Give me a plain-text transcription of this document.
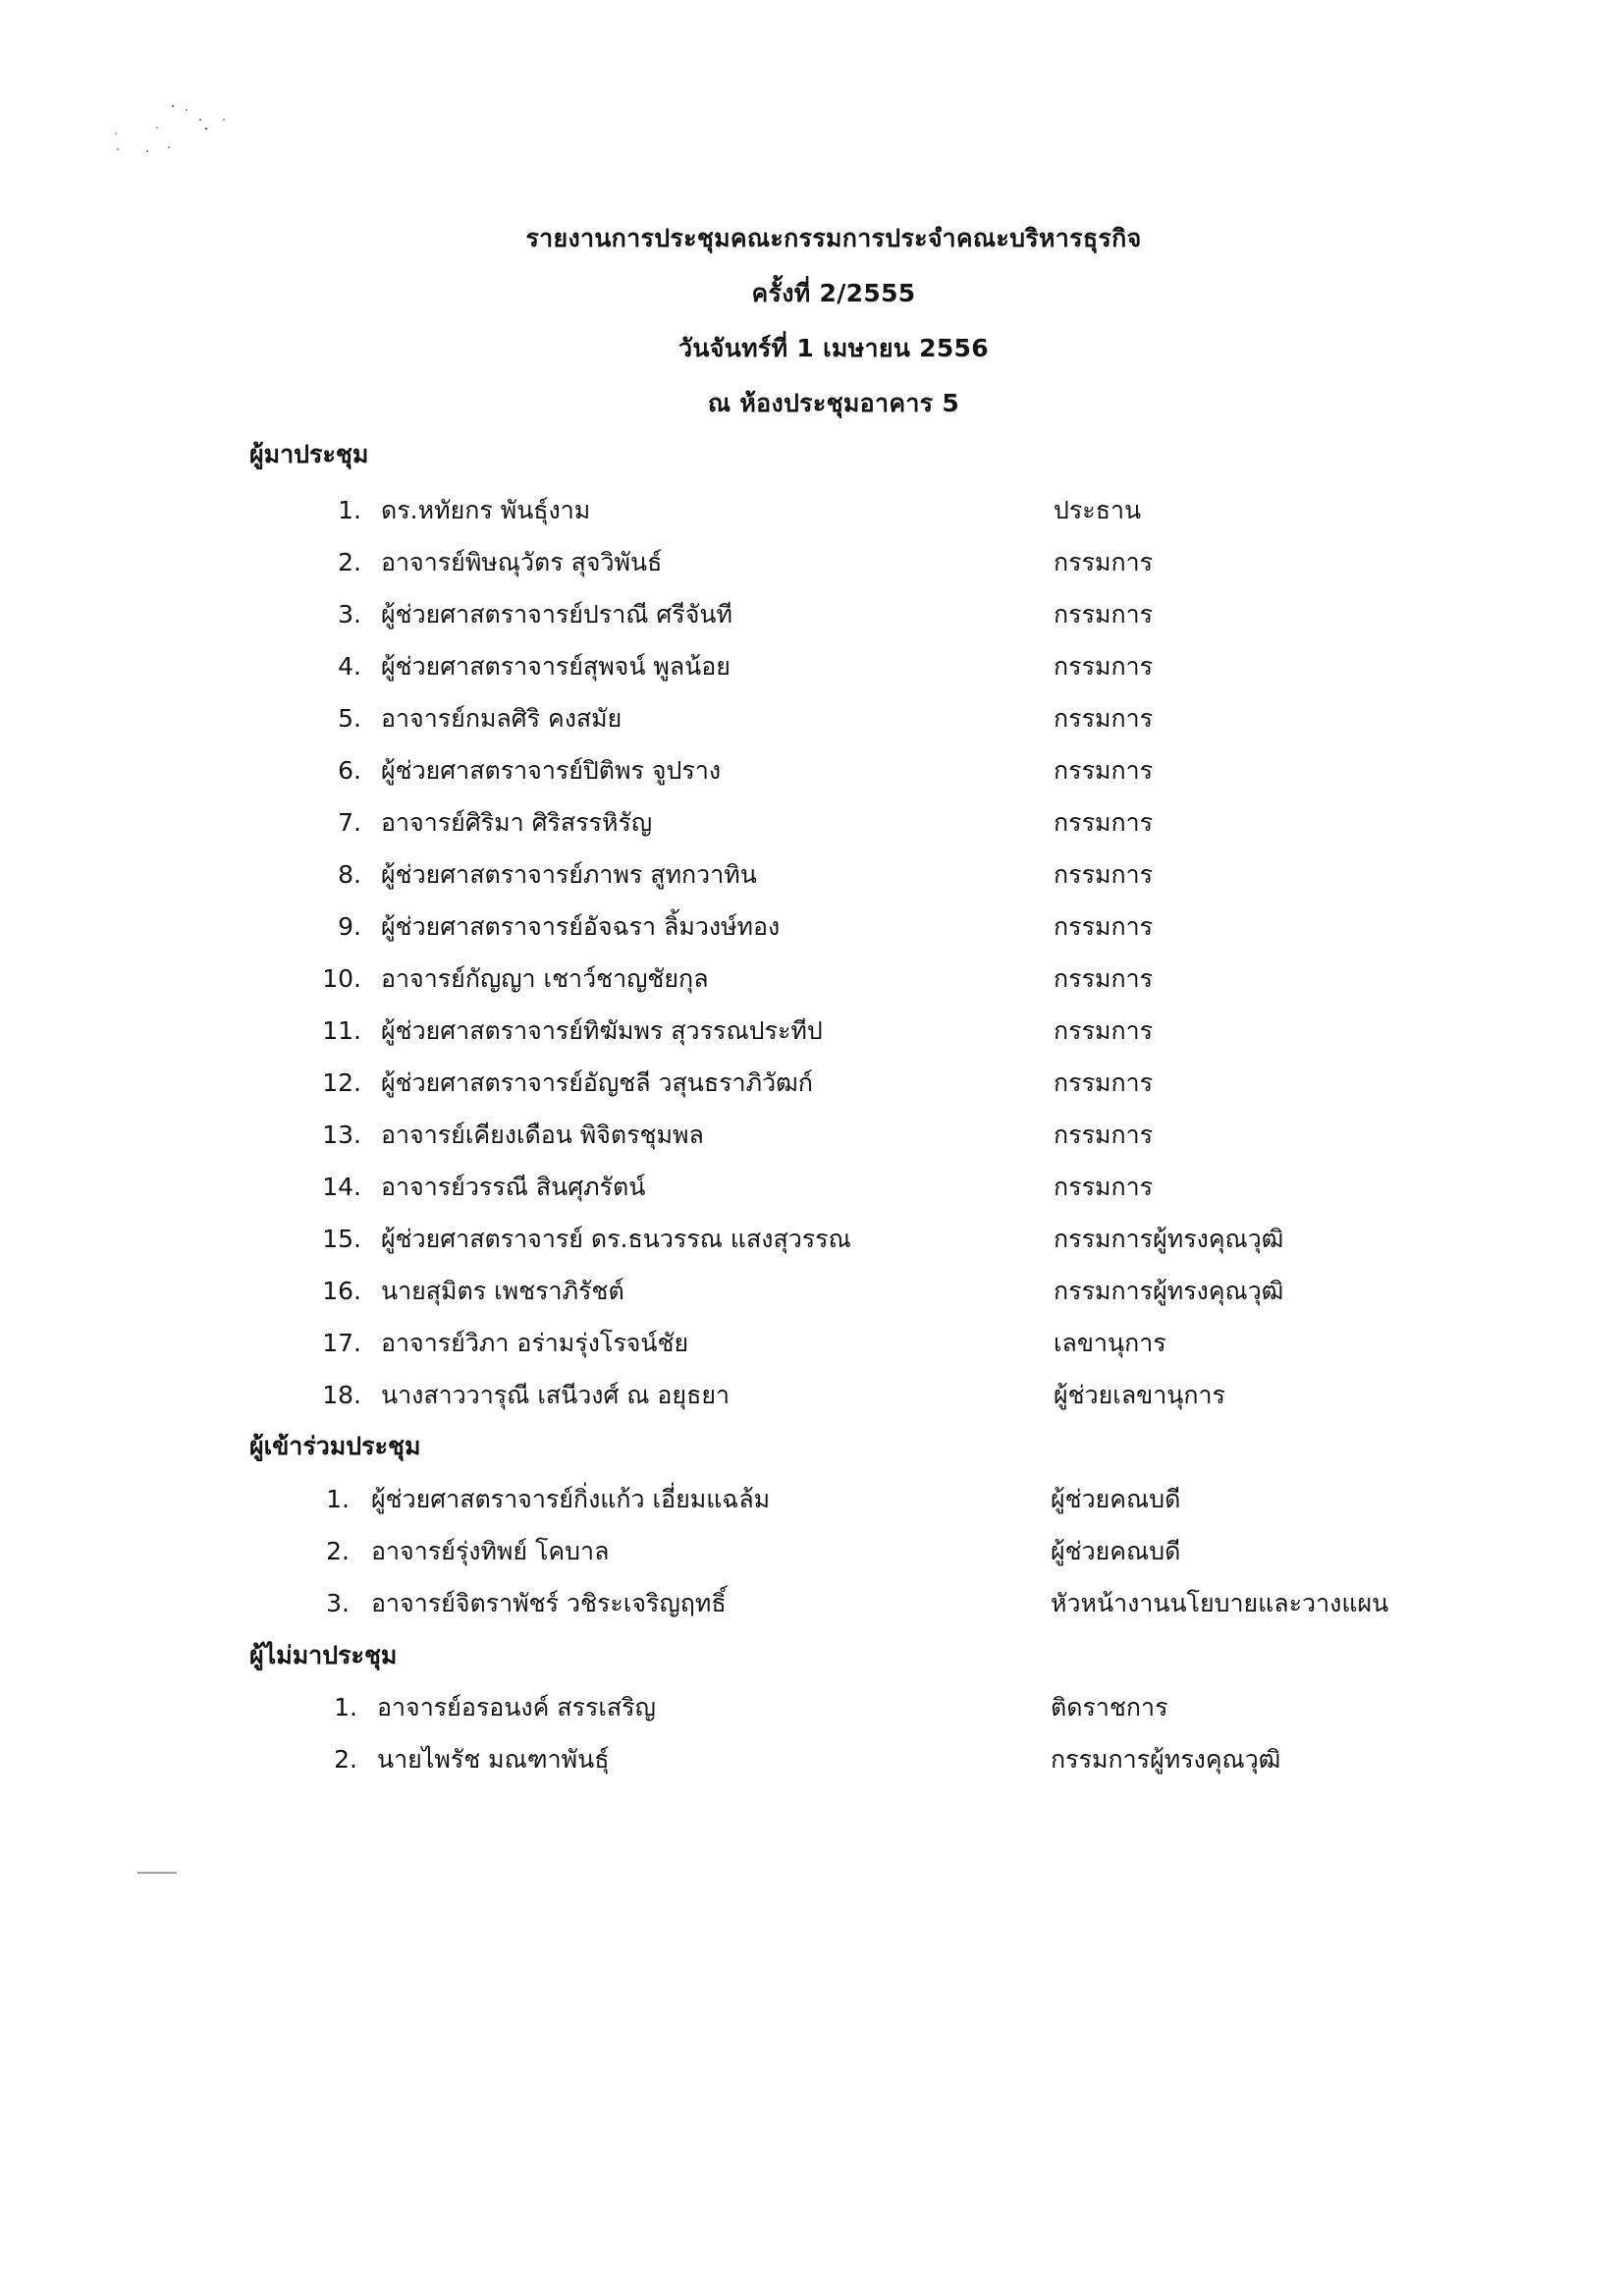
รายงานการประชุมคณะกรรมการประจำคณะบริหารธุรกิจ
ครั้งที่ 2/2555
วันจันทร์ที่ 1 เมษายน 2556
ณ ห้องประชุมอาคาร 5
ผู้มาประชุม
1. ดร.หทัยกร พันธุ์งาม	ประธาน
2. อาจารย์พิษณุวัตร สุจวิพันธ์	กรรมการ
3. ผู้ช่วยศาสตราจารย์ปราณี ศรีจันที	กรรมการ
4. ผู้ช่วยศาสตราจารย์สุพจน์ พูลน้อย	กรรมการ
5. อาจารย์กมลศิริ คงสมัย	กรรมการ
6. ผู้ช่วยศาสตราจารย์ปิติพร จูปราง	กรรมการ
7. อาจารย์ศิริมา ศิริสรรหิรัญ	กรรมการ
8. ผู้ช่วยศาสตราจารย์ภาพร สูทกวาทิน	กรรมการ
9. ผู้ช่วยศาสตราจารย์อัจฉรา ลิ้มวงษ์ทอง	กรรมการ
10. อาจารย์กัญญา เชาว์ชาญชัยกุล	กรรมการ
11. ผู้ช่วยศาสตราจารย์ทิฆัมพร สุวรรณประทีป	กรรมการ
12. ผู้ช่วยศาสตราจารย์อัญชลี วสุนธราภิวัฒก์	กรรมการ
13. อาจารย์เคียงเดือน พิจิตรชุมพล	กรรมการ
14. อาจารย์วรรณี สินศุภรัตน์	กรรมการ
15. ผู้ช่วยศาสตราจารย์ ดร.ธนวรรณ แสงสุวรรณ	กรรมการผู้ทรงคุณวุฒิ
16. นายสุมิตร เพชราภิรัชต์	กรรมการผู้ทรงคุณวุฒิ
17. อาจารย์วิภา อร่ามรุ่งโรจน์ชัย	เลขานุการ
18. นางสาววารุณี เสนีวงศ์ ณ อยุธยา	ผู้ช่วยเลขานุการ
ผู้เข้าร่วมประชุม
1. ผู้ช่วยศาสตราจารย์กิ่งแก้ว เอี่ยมแฉล้ม	ผู้ช่วยคณบดี
2. อาจารย์รุ่งทิพย์ โคบาล	ผู้ช่วยคณบดี
3. อาจารย์จิตราพัชร์ วชิระเจริญฤทธิ์	หัวหน้างานนโยบายและวางแผน
ผู้ไม่มาประชุม
1. อาจารย์อรอนงค์ สรรเสริญ	ติดราชการ
2. นายไพรัช มณฑาพันธุ์	กรรมการผู้ทรงคุณวุฒิ
